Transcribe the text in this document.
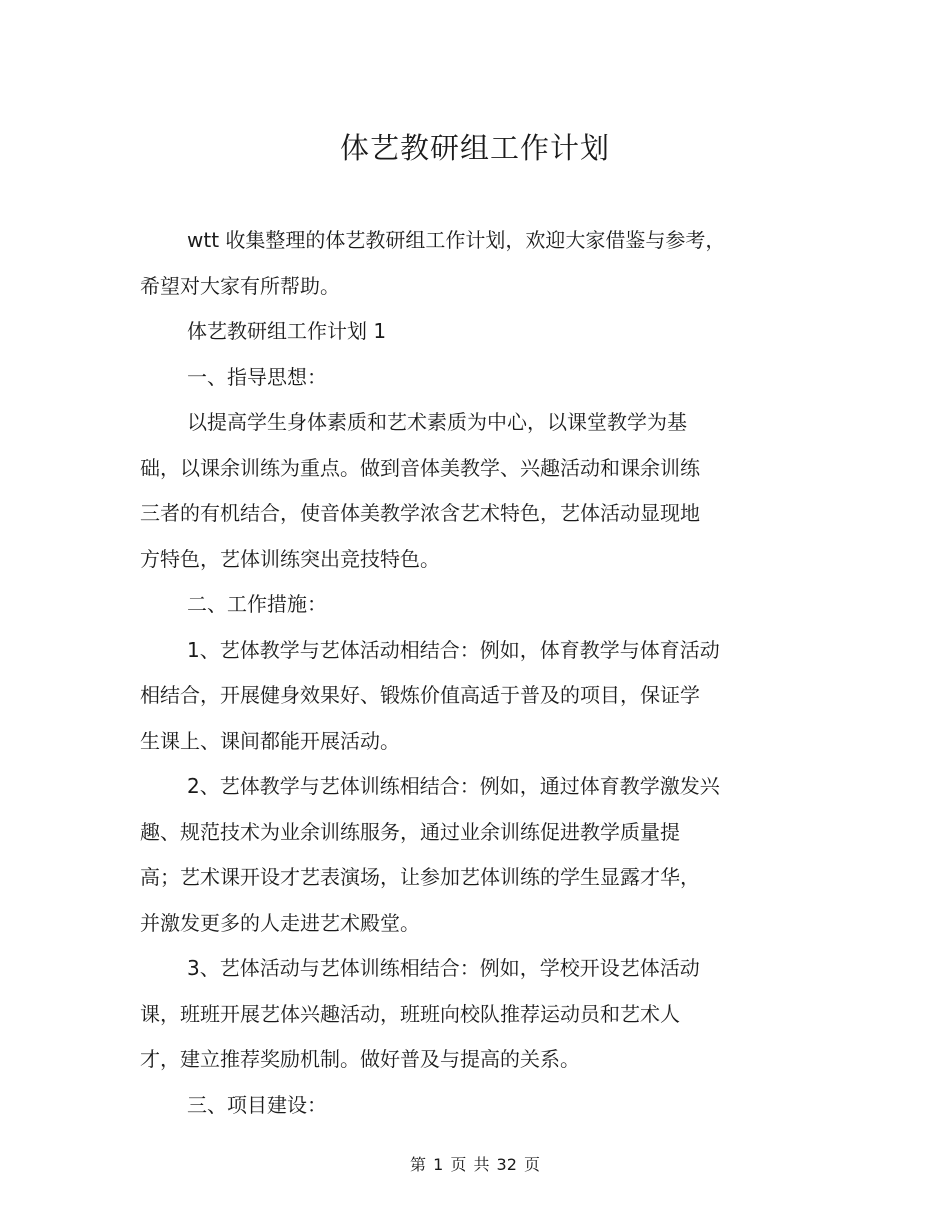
体艺教研组工作计划
wtt 收集整理的体艺教研组工作计划，欢迎大家借鉴与参考，
希望对大家有所帮助。
体艺教研组工作计划 1
一、指导思想：
以提高学生身体素质和艺术素质为中心，以课堂教学为基
础，以课余训练为重点。做到音体美教学、兴趣活动和课余训练
三者的有机结合，使音体美教学浓含艺术特色，艺体活动显现地
方特色，艺体训练突出竞技特色。
二、工作措施：
1、艺体教学与艺体活动相结合：例如，体育教学与体育活动
相结合，开展健身效果好、锻炼价值高适于普及的项目，保证学
生课上、课间都能开展活动。
2、艺体教学与艺体训练相结合：例如，通过体育教学激发兴
趣、规范技术为业余训练服务，通过业余训练促进教学质量提
高；艺术课开设才艺表演场，让参加艺体训练的学生显露才华，
并激发更多的人走进艺术殿堂。
3、艺体活动与艺体训练相结合：例如，学校开设艺体活动
课，班班开展艺体兴趣活动，班班向校队推荐运动员和艺术人
才，建立推荐奖励机制。做好普及与提高的关系。
三、项目建设：
第 1 页 共 32 页
